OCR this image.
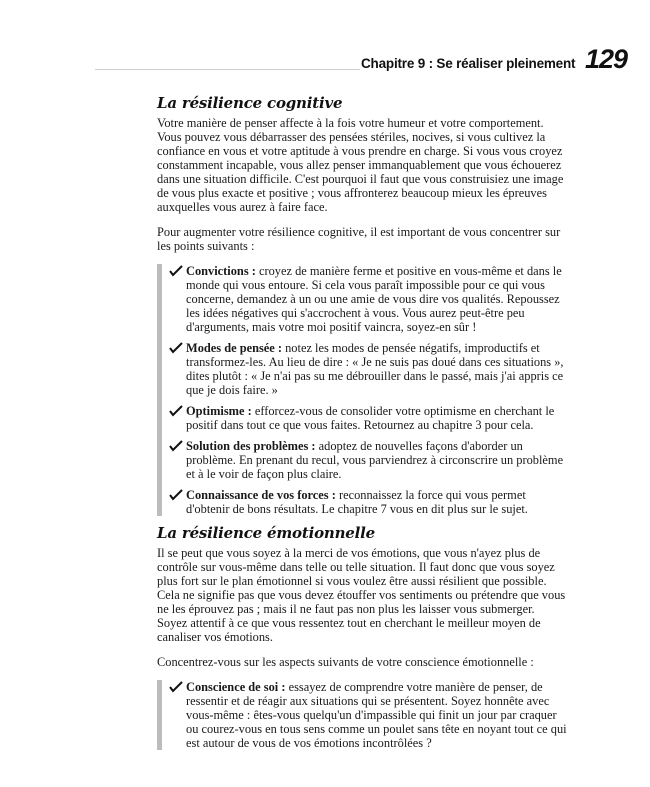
Chapitre 9 : Se réaliser pleinement 129
La résilience cognitive

Votre manière de penser affecte à la fois votre humeur et votre comportement. Vous pouvez vous débarrasser des pensées stériles, nocives, si vous cultivez la confiance en vous et votre aptitude à vous prendre en charge. Si vous vous croyez constamment incapable, vous allez penser immanquablement que vous échouerez dans une situation difficile. C'est pourquoi il faut que vous construisiez une image de vous plus exacte et positive ; vous affronterez beaucoup mieux les épreuves auxquelles vous aurez à faire face.

Pour augmenter votre résilience cognitive, il est important de vous concentrer sur les points suivants :

Convictions : croyez de manière ferme et positive en vous-même et dans le monde qui vous entoure. Si cela vous paraît impossible pour ce qui vous concerne, demandez à un ou une amie de vous dire vos qualités. Repoussez les idées négatives qui s'accrochent à vous. Vous aurez peut-être peu d'arguments, mais votre moi positif vaincra, soyez-en sûr !
Modes de pensée : notez les modes de pensée négatifs, improductifs et transformez-les. Au lieu de dire : « Je ne suis pas doué dans ces situations », dites plutôt : « Je n'ai pas su me débrouiller dans le passé, mais j'ai appris ce que je dois faire. »
Optimisme : efforcez-vous de consolider votre optimisme en cherchant le positif dans tout ce que vous faites. Retournez au chapitre 3 pour cela.
Solution des problèmes : adoptez de nouvelles façons d'aborder un problème. En prenant du recul, vous parviendrez à circonscrire un problème et à le voir de façon plus claire.
Connaissance de vos forces : reconnaissez la force qui vous permet d'obtenir de bons résultats. Le chapitre 7 vous en dit plus sur le sujet.
La résilience émotionnelle

Il se peut que vous soyez à la merci de vos émotions, que vous n'ayez plus de contrôle sur vous-même dans telle ou telle situation. Il faut donc que vous soyez plus fort sur le plan émotionnel si vous voulez être aussi résilient que possible. Cela ne signifie pas que vous devez étouffer vos sentiments ou prétendre que vous ne les éprouvez pas ; mais il ne faut pas non plus les laisser vous submerger. Soyez attentif à ce que vous ressentez tout en cherchant le meilleur moyen de canaliser vos émotions.

Concentrez-vous sur les aspects suivants de votre conscience émotionnelle :

Conscience de soi : essayez de comprendre votre manière de penser, de ressentir et de réagir aux situations qui se présentent. Soyez honnête avec vous-même : êtes-vous quelqu'un d'impassible qui finit un jour par craquer ou courez-vous en tous sens comme un poulet sans tête en noyant tout ce qui est autour de vous de vos émotions incontrôlées ?
